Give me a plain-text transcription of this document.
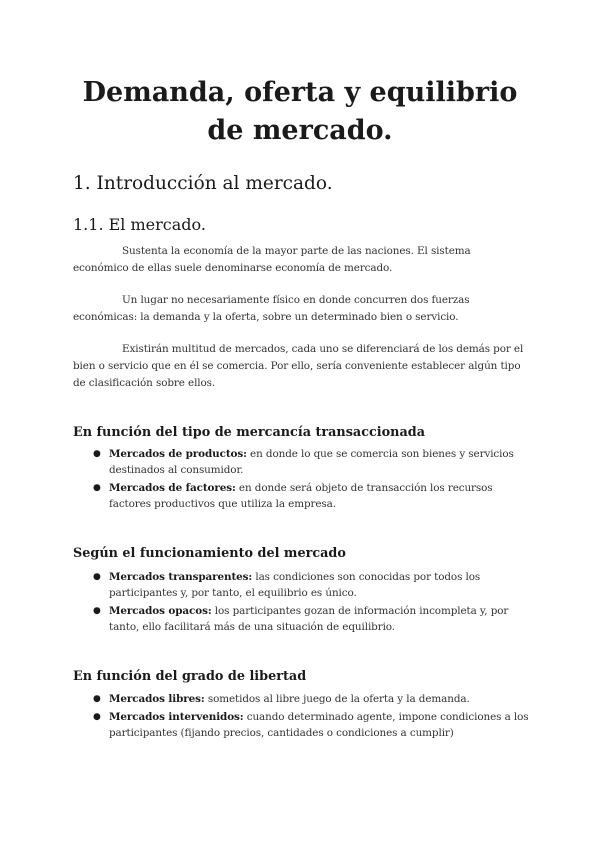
Demanda, oferta y equilibrio de mercado.
1. Introducción al mercado.
1.1. El mercado.

Sustenta la economía de la mayor parte de las naciones. El sistema económico de ellas suele denominarse economía de mercado.

Un lugar no necesariamente físico en donde concurren dos fuerzas económicas: la demanda y la oferta, sobre un determinado bien o servicio.

Existirán multitud de mercados, cada uno se diferenciará de los demás por el bien o servicio que en él se comercia. Por ello, sería conveniente establecer algún tipo de clasificación sobre ellos.

En función del tipo de mercancía transaccionada
● Mercados de productos: en donde lo que se comercia son bienes y servicios destinados al consumidor.
● Mercados de factores: en donde será objeto de transacción los recursos factores productivos que utiliza la empresa.
Según el funcionamiento del mercado
● Mercados transparentes: las condiciones son conocidas por todos los participantes y, por tanto, el equilibrio es único.
● Mercados opacos: los participantes gozan de información incompleta y, por tanto, ello facilitará más de una situación de equilibrio.
En función del grado de libertad
● Mercados libres: sometidos al libre juego de la oferta y la demanda.
● Mercados intervenidos: cuando determinado agente, impone condiciones a los participantes (fijando precios, cantidades o condiciones a cumplir)
